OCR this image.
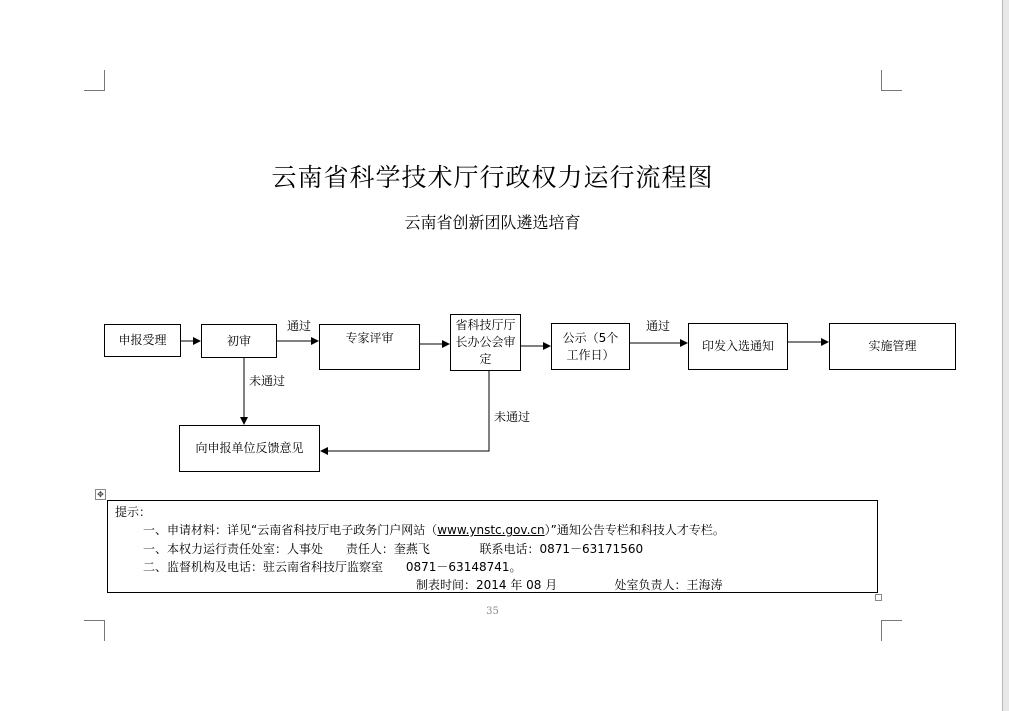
云南省科学技术厅行政权力运行流程图
云南省创新团队遴选培育
申报受理	初审	专家评审
省科技厅厅长办公会审定
公示（5个工作日）
印发入选通知	实施管理
向申报单位反馈意见
通过	通过
未通过
未通过
✥
提示：
一、申请材料：详见“云南省科技厅电子政务门户网站（www.ynstc.gov.cn）”通知公告专栏和科技人才专栏。
一、本权力运行责任处室：人事处      责任人：奎燕飞             联系电话：0871－63171560
二、监督机构及电话：驻云南省科技厅监察室      0871－63148741。
制表时间：2014 年 08 月               处室负责人：王海涛
35
